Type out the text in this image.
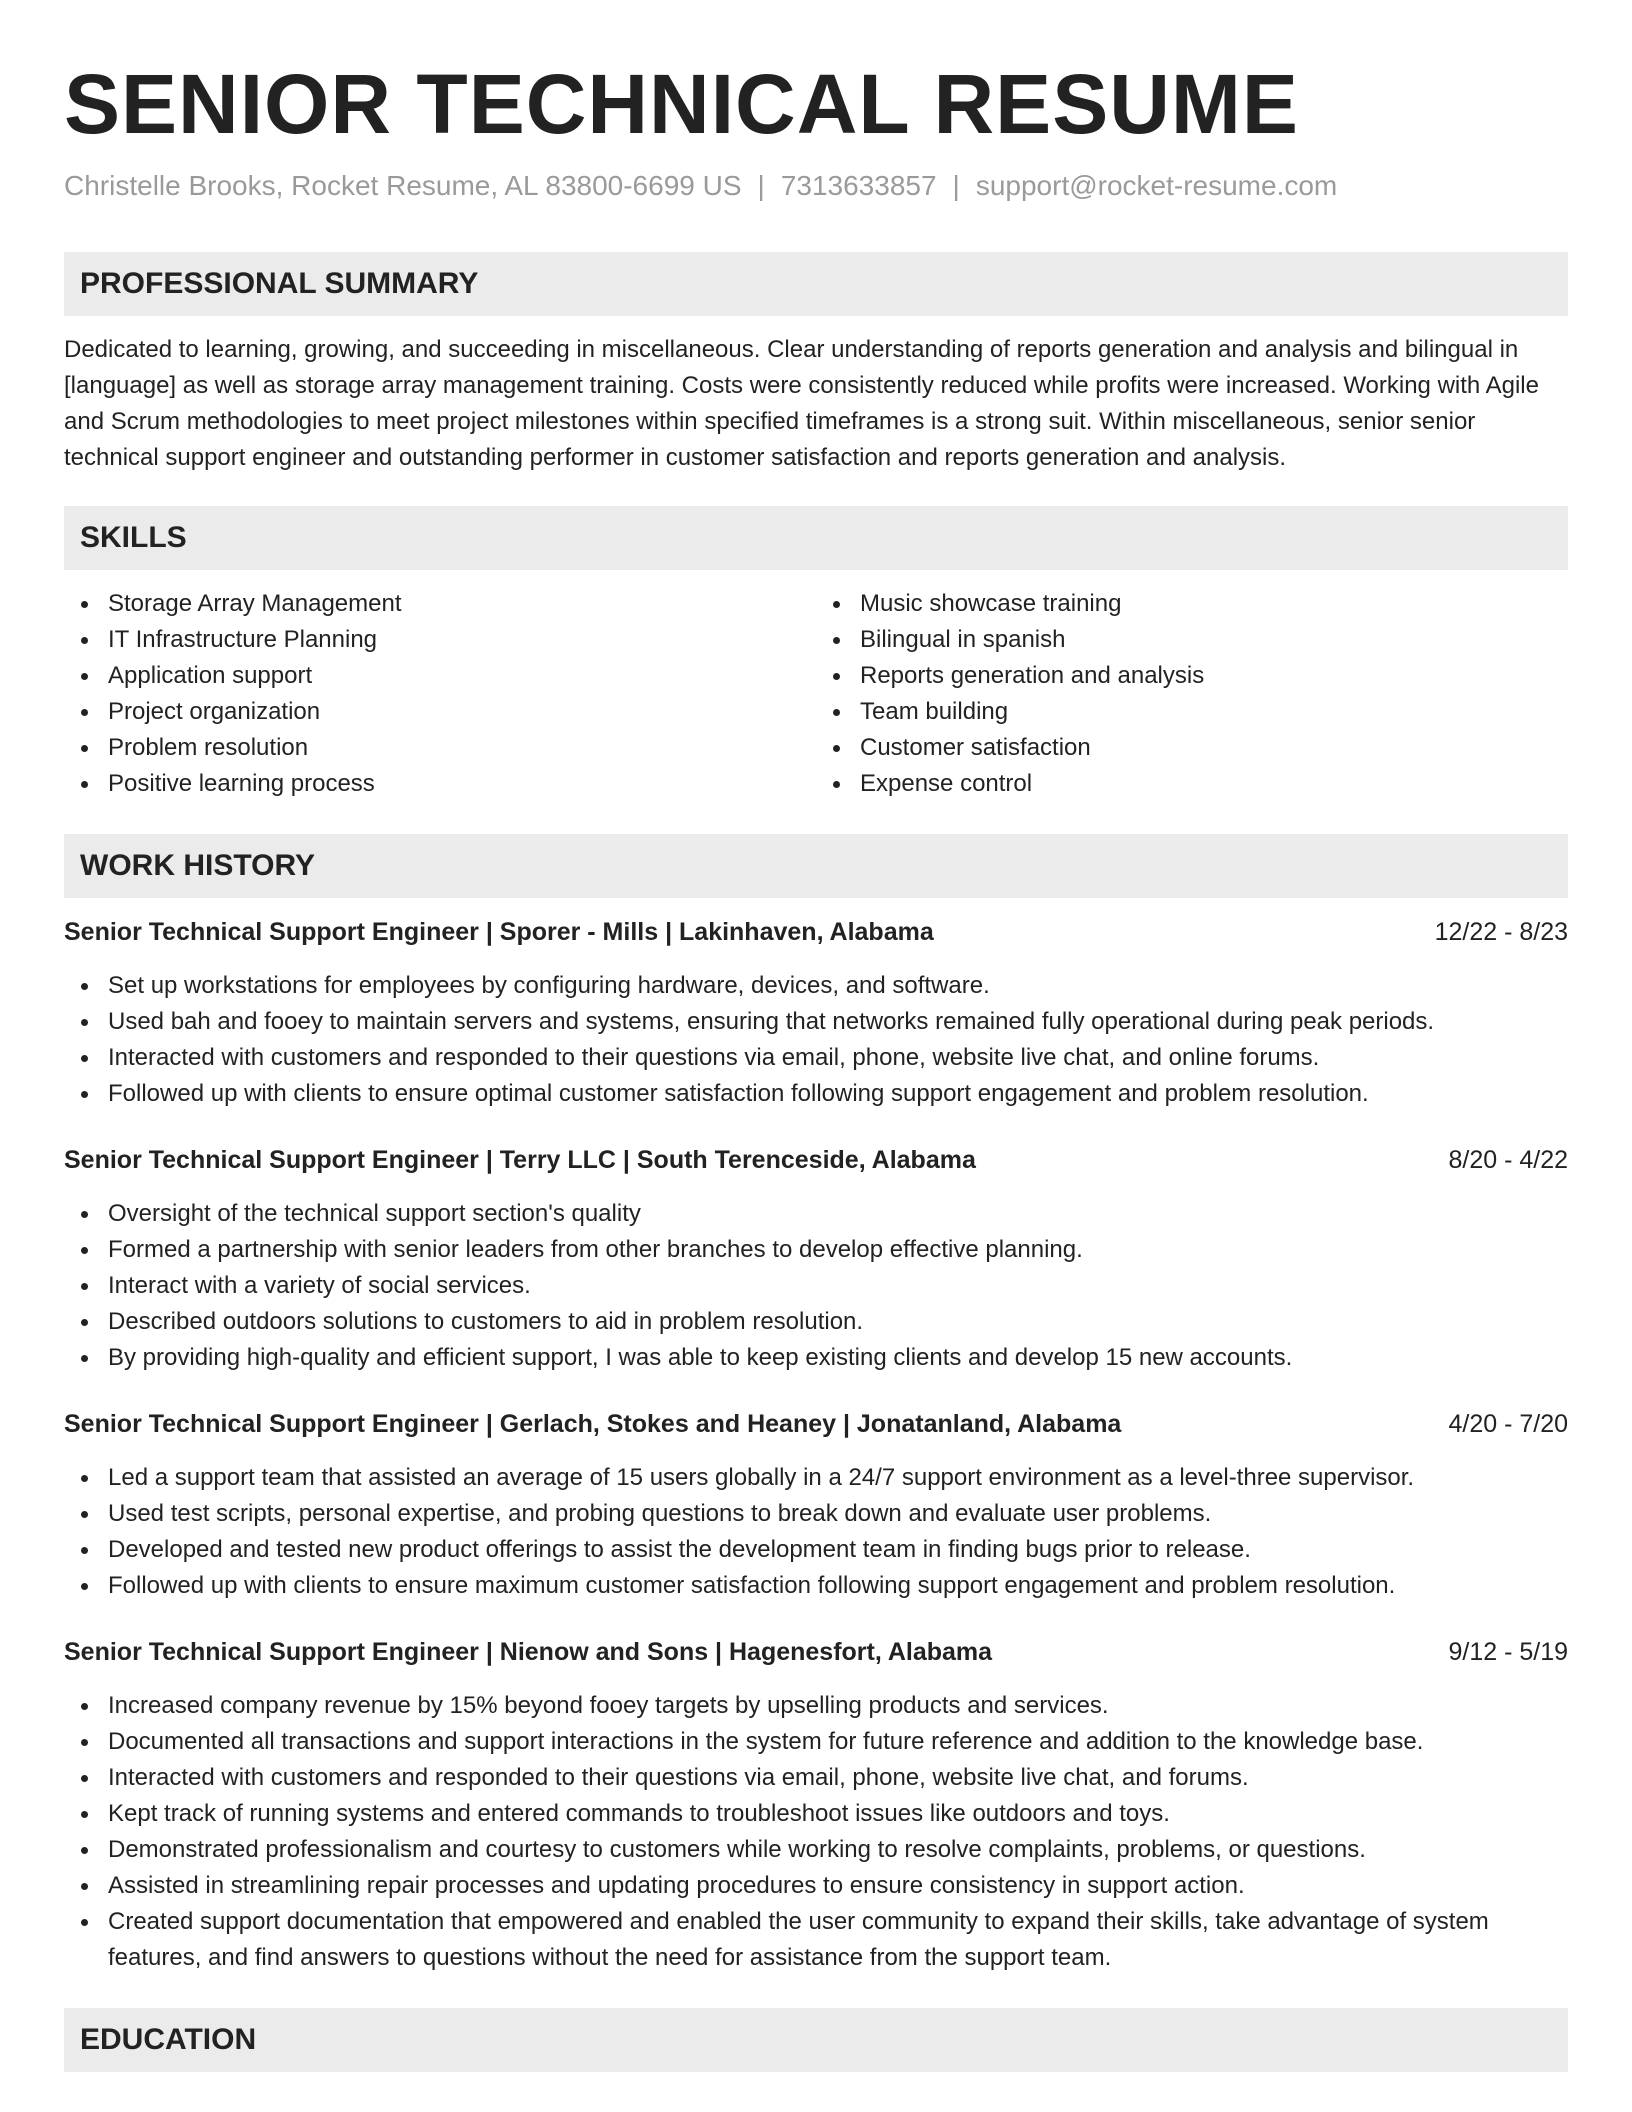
SENIOR TECHNICAL RESUME
Christelle Brooks, Rocket Resume, AL 83800-6699 US | 7313633857 | support@rocket-resume.com
PROFESSIONAL SUMMARY
Dedicated to learning, growing, and succeeding in miscellaneous. Clear understanding of reports generation and analysis and bilingual in [language] as well as storage array management training. Costs were consistently reduced while profits were increased. Working with Agile and Scrum methodologies to meet project milestones within specified timeframes is a strong suit. Within miscellaneous, senior senior technical support engineer and outstanding performer in customer satisfaction and reports generation and analysis.
SKILLS
Storage Array Management
IT Infrastructure Planning
Application support
Project organization
Problem resolution
Positive learning process
Music showcase training
Bilingual in spanish
Reports generation and analysis
Team building
Customer satisfaction
Expense control
WORK HISTORY
Senior Technical Support Engineer | Sporer - Mills | Lakinhaven, Alabama	12/22 - 8/23
Set up workstations for employees by configuring hardware, devices, and software.
Used bah and fooey to maintain servers and systems, ensuring that networks remained fully operational during peak periods.
Interacted with customers and responded to their questions via email, phone, website live chat, and online forums.
Followed up with clients to ensure optimal customer satisfaction following support engagement and problem resolution.
Senior Technical Support Engineer | Terry LLC | South Terenceside, Alabama	8/20 - 4/22
Oversight of the technical support section's quality
Formed a partnership with senior leaders from other branches to develop effective planning.
Interact with a variety of social services.
Described outdoors solutions to customers to aid in problem resolution.
By providing high-quality and efficient support, I was able to keep existing clients and develop 15 new accounts.
Senior Technical Support Engineer | Gerlach, Stokes and Heaney | Jonatanland, Alabama	4/20 - 7/20
Led a support team that assisted an average of 15 users globally in a 24/7 support environment as a level-three supervisor.
Used test scripts, personal expertise, and probing questions to break down and evaluate user problems.
Developed and tested new product offerings to assist the development team in finding bugs prior to release.
Followed up with clients to ensure maximum customer satisfaction following support engagement and problem resolution.
Senior Technical Support Engineer | Nienow and Sons | Hagenesfort, Alabama	9/12 - 5/19
Increased company revenue by 15% beyond fooey targets by upselling products and services.
Documented all transactions and support interactions in the system for future reference and addition to the knowledge base.
Interacted with customers and responded to their questions via email, phone, website live chat, and forums.
Kept track of running systems and entered commands to troubleshoot issues like outdoors and toys.
Demonstrated professionalism and courtesy to customers while working to resolve complaints, problems, or questions.
Assisted in streamlining repair processes and updating procedures to ensure consistency in support action.
Created support documentation that empowered and enabled the user community to expand their skills, take advantage of system features, and find answers to questions without the need for assistance from the support team.
EDUCATION
